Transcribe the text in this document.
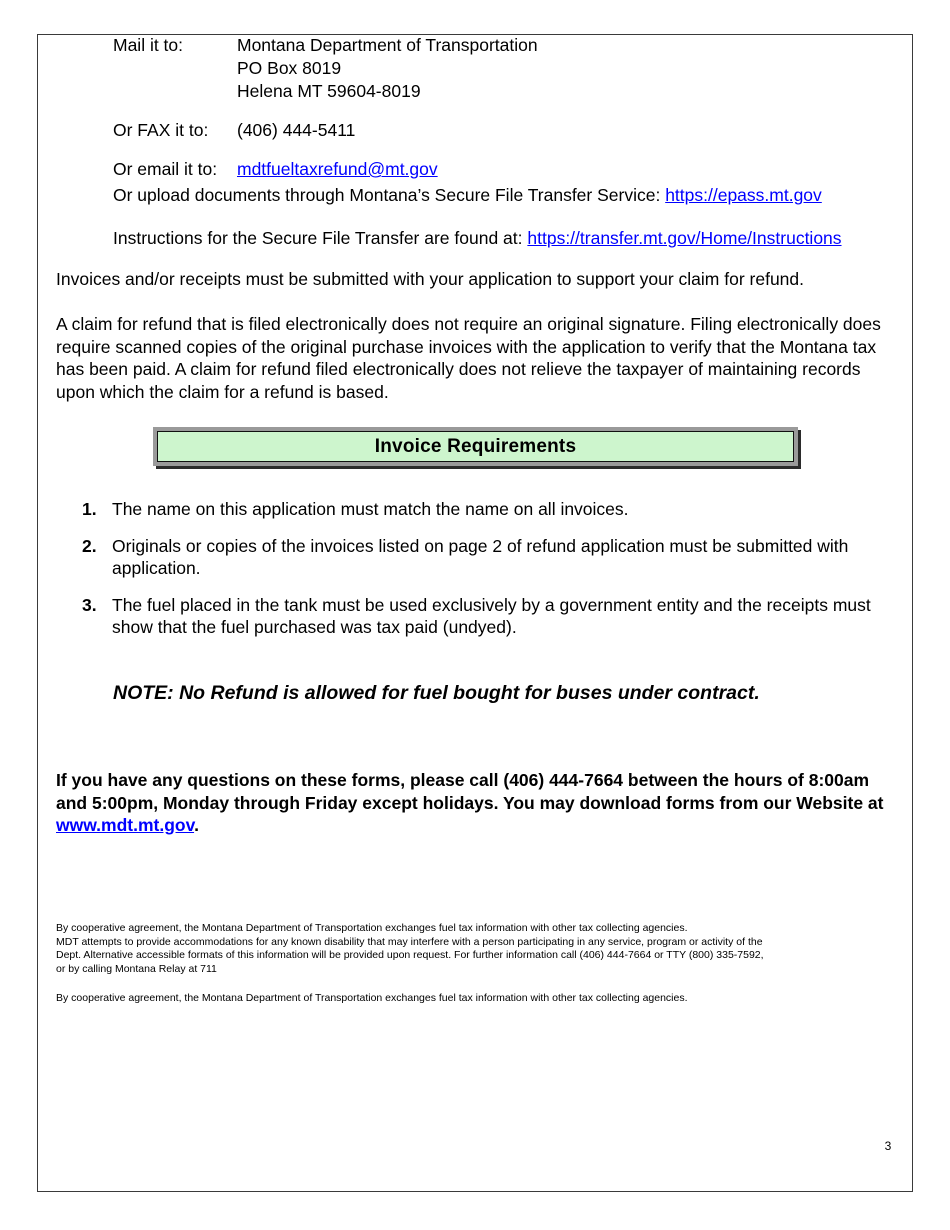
Mail it to:	Montana Department of Transportation
PO Box 8019
Helena MT 59604-8019
Or FAX it to:	(406) 444-5411
Or email it to:	mdtfueltaxrefund@mt.gov
Or upload documents through Montana’s Secure File Transfer Service: https://epass.mt.gov
Instructions for the Secure File Transfer are found at: https://transfer.mt.gov/Home/Instructions
Invoices and/or receipts must be submitted with your application to support your claim for refund.
A claim for refund that is filed electronically does not require an original signature. Filing electronically does require scanned copies of the original purchase invoices with the application to verify that the Montana tax has been paid. A claim for refund filed electronically does not relieve the taxpayer of maintaining records upon which the claim for a refund is based.
Invoice Requirements
1. The name on this application must match the name on all invoices.
2. Originals or copies of the invoices listed on page 2 of refund application must be submitted with application.
3. The fuel placed in the tank must be used exclusively by a government entity and the receipts must show that the fuel purchased was tax paid (undyed).
NOTE: No Refund is allowed for fuel bought for buses under contract.
If you have any questions on these forms, please call (406) 444-7664 between the hours of 8:00am and 5:00pm, Monday through Friday except holidays. You may download forms from our Website at www.mdt.mt.gov.
By cooperative agreement, the Montana Department of Transportation exchanges fuel tax information with other tax collecting agencies.
MDT attempts to provide accommodations for any known disability that may interfere with a person participating in any service, program or activity of the
Dept. Alternative accessible formats of this information will be provided upon request. For further information call (406) 444-7664 or TTY (800) 335-7592,
or by calling Montana Relay at 711
By cooperative agreement, the Montana Department of Transportation exchanges fuel tax information with other tax collecting agencies.
3
